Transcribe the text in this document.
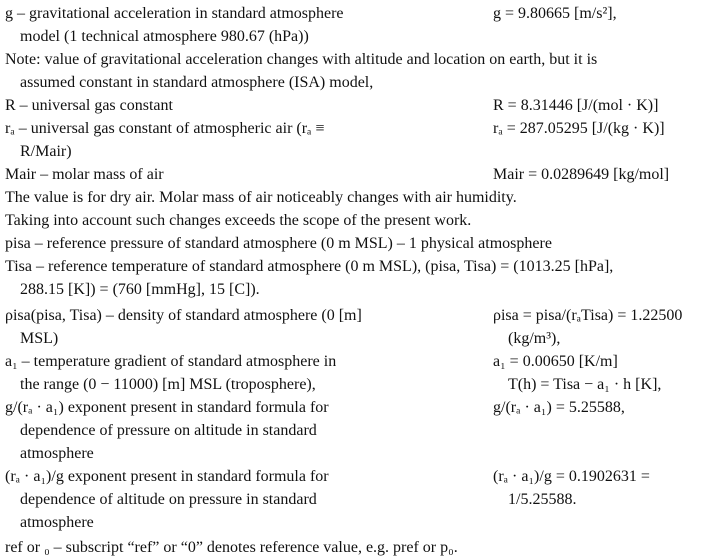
g – gravitational acceleration in standard atmosphere
model (1 technical atmosphere 980.67 (hPa))
g = 9.80665 [m/s²],
Note: value of gravitational acceleration changes with altitude and location on earth, but it is
assumed constant in standard atmosphere (ISA) model,
R – universal gas constant	R = 8.31446 [J/(mol · K)]
rₐ – universal gas constant of atmospheric air (rₐ ≡
R/Mair)
rₐ = 287.05295 [J/(kg · K)]
Mair – molar mass of air	Mair = 0.0289649 [kg/mol]
The value is for dry air. Molar mass of air noticeably changes with air humidity.
Taking into account such changes exceeds the scope of the present work.
pisa – reference pressure of standard atmosphere (0 m MSL) – 1 physical atmosphere
Tisa – reference temperature of standard atmosphere (0 m MSL), (pisa, Tisa) = (1013.25 [hPa],
288.15 [K]) = (760 [mmHg], 15 [C]).
ρisa(pisa, Tisa) – density of standard atmosphere (0 [m]
MSL)
ρisa = pisa/(rₐTisa) = 1.22500
(kg/m³),
a₁ – temperature gradient of standard atmosphere in
the range (0 − 11000) [m] MSL (troposphere),
a₁ = 0.00650 [K/m]
T(h) = Tisa − a₁ · h [K],
g/(rₐ · a₁) exponent present in standard formula for
dependence of pressure on altitude in standard
atmosphere
g/(rₐ · a₁) = 5.25588,
(rₐ · a₁)/g exponent present in standard formula for
dependence of altitude on pressure in standard
atmosphere
(rₐ · a₁)/g = 0.1902631 =
1/5.25588.
ref or ₀ – subscript “ref” or “0” denotes reference value, e.g. pref or p₀.
